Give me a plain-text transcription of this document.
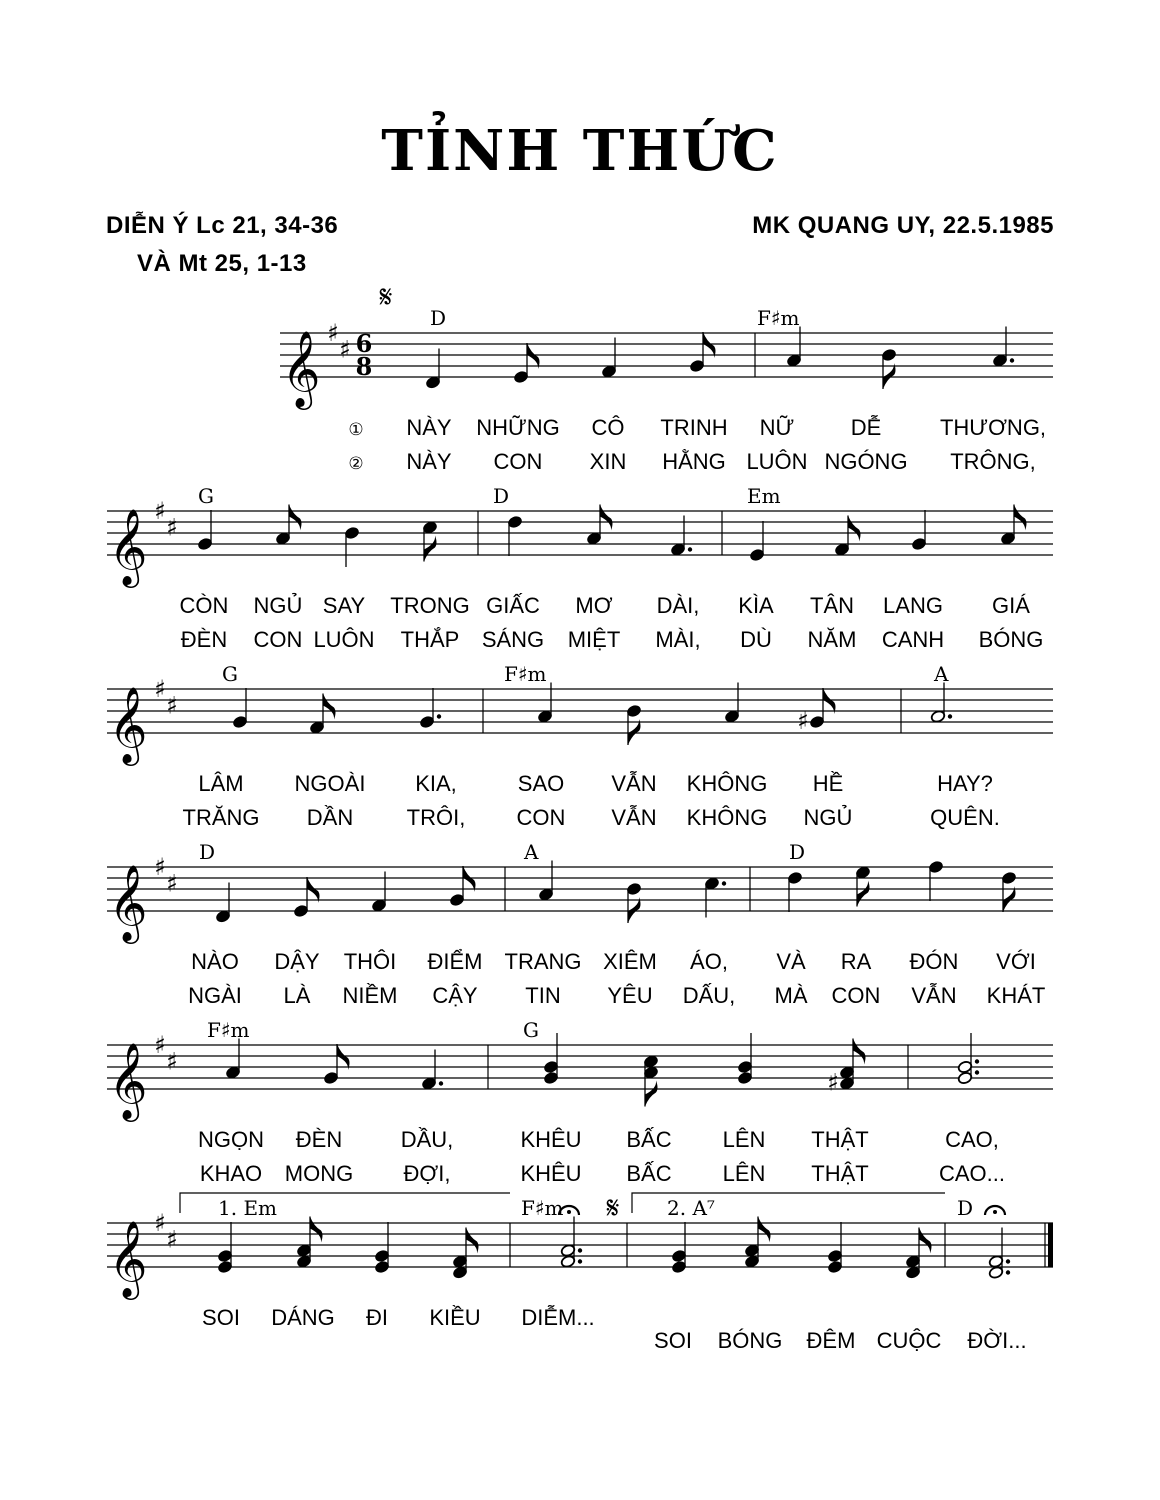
TỈNH THỨC
DIỄN Ý Lc 21, 34-36
VÀ Mt 25, 1-13
MK QUANG UY, 22.5.1985
𝄞 ♯
♯ 6
8
𝄋
D	F♯m
NÀY NHỮNG CÔ TRINH NỮ	DỄ	THƯƠNG,
NÀY CON XIN HẰNG LUÔN NGÓNG TRÔNG,
①
②
𝄞 ♯
♯
G	D	Em
CÒN NGỦ SAY TRONG GIẤC MƠ DÀI, KÌA TÂN LANG GIÁ
ĐÈN CON LUÔN THẮP SÁNG MIỆT MÀI, DÙ NĂM CANH BÓNG
𝄞 ♯
♯
G	F♯m	A
♯
LÂM NGOÀI KIA,	SAO VẪN KHÔNG HỀ	HAY?
TRĂNG DẦN TRÔI, CON VẪN KHÔNG NGỦ	QUÊN.
𝄞 ♯
♯
D	A	D
NÀO DẬY THÔI ĐIỂM TRANG XIÊM ÁO, VÀ RA ĐÓN VỚI
NGÀI LÀ NIỀM CẬY TIN YÊU DẤU, MÀ CON VẪN KHÁT
𝄞 ♯
♯
F♯m	G
♯
NGỌN ĐÈN	DẦU,	KHÊU BẤC LÊN THẬT	CAO,
KHAO MONG ĐỢI,	KHÊU BẤC LÊN THẬT	CAO...
𝄞 ♯
♯
𝄋
1. Em	F♯m	2. A⁷	D
SOI DÁNG ĐI KIỀU DIỄM...
SOI BÓNG ĐÊM CUỘC ĐỜI...
